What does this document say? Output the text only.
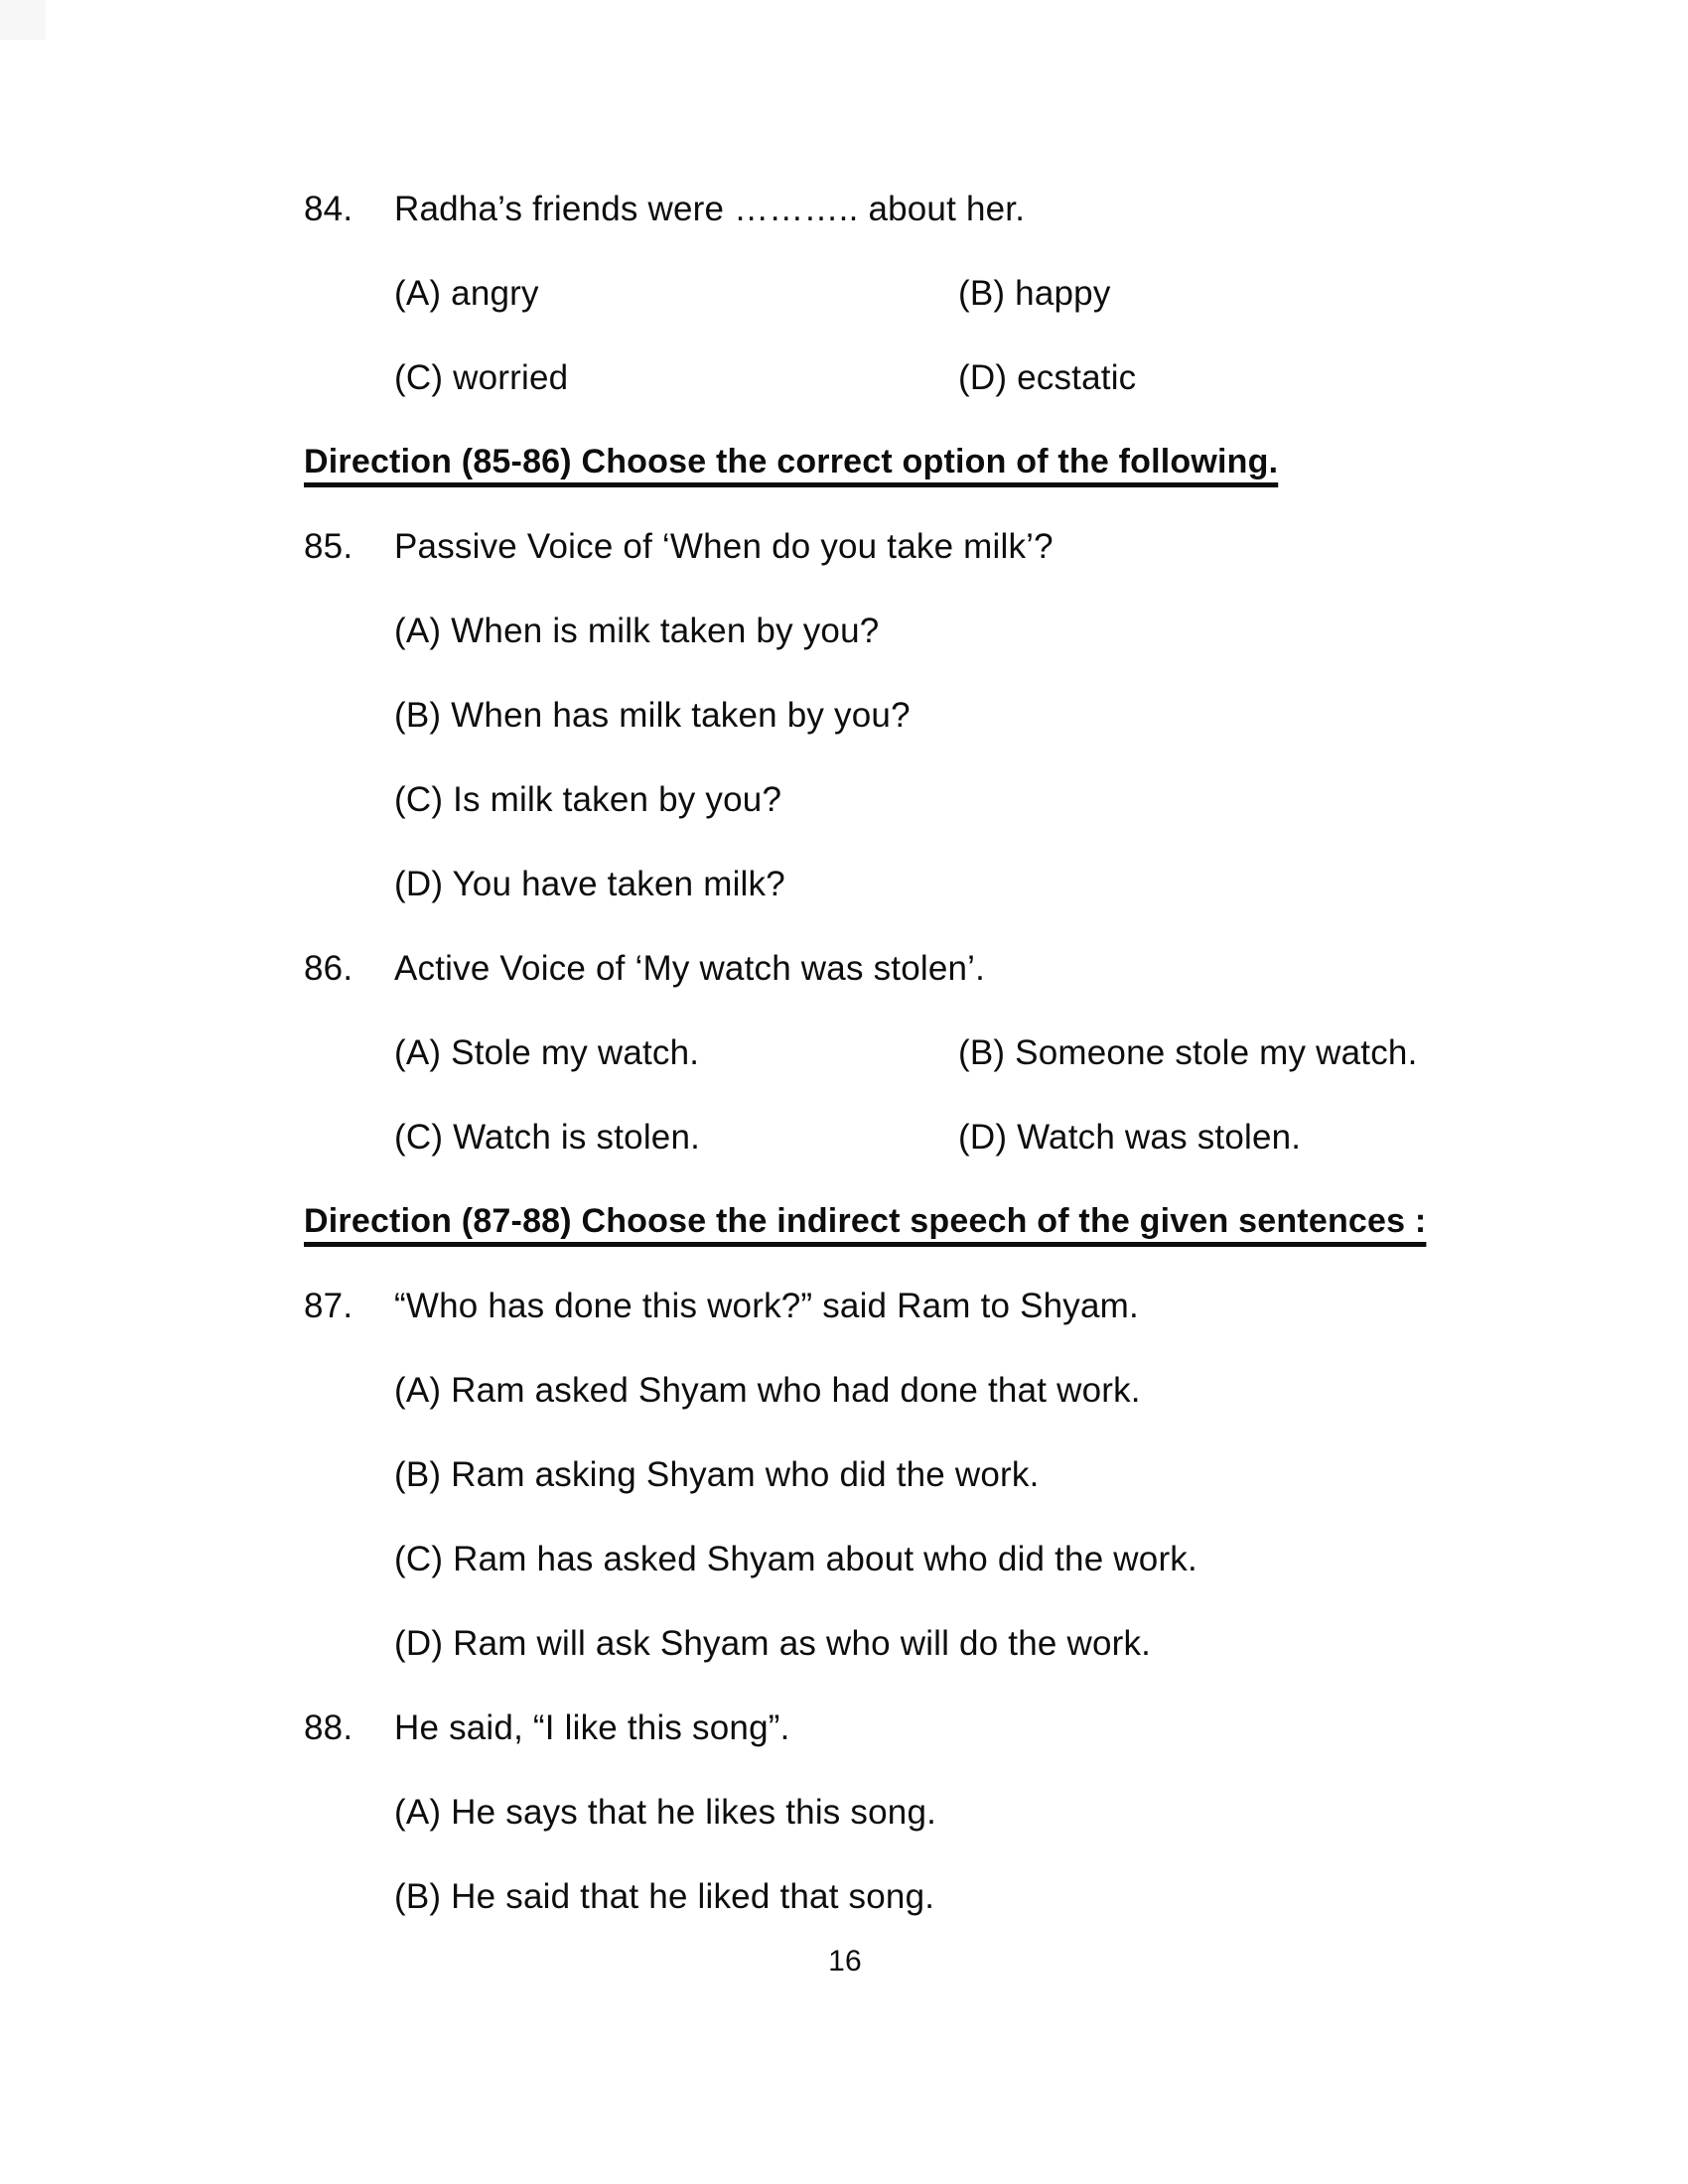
84.	Radha’s friends were ……….. about her.
(A) angry	(B) happy
(C) worried	(D) ecstatic
Direction (85-86) Choose the correct option of the following.
85.	Passive Voice of ‘When do you take milk’?
(A) When is milk taken by you?
(B) When has milk taken by you?
(C) Is milk taken by you?
(D) You have taken milk?
86.	Active Voice of ‘My watch was stolen’.
(A) Stole my watch.	(B) Someone stole my watch.
(C) Watch is stolen.	(D) Watch was stolen.
Direction (87-88) Choose the indirect speech of the given sentences :
87.	“Who has done this work?” said Ram to Shyam.
(A) Ram asked Shyam who had done that work.
(B) Ram asking Shyam who did the work.
(C) Ram has asked Shyam about who did the work.
(D) Ram will ask Shyam as who will do the work.
88.	He said, “I like this song”.
(A) He says that he likes this song.
(B) He said that he liked that song.
16
